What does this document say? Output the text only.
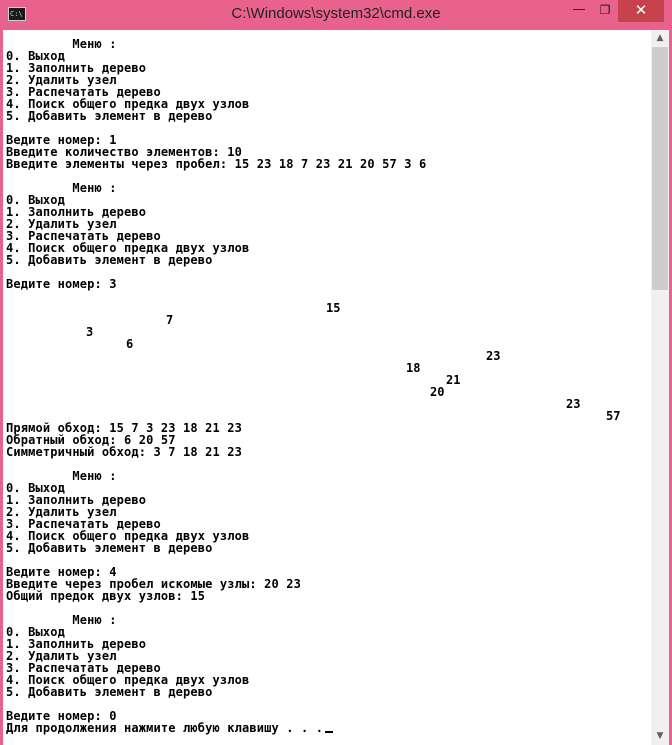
C:\	C:\Windows\system32\cmd.exe	—	❐	✕
Меню :
0. Выход
1. Заполнить дерево
2. Удалить узел
3. Распечатать дерево
4. Поиск общего предка двух узлов
5. Добавить элемент в дерево
Ведите номер: 1
Введите количество элементов: 10
Введите элементы через пробел: 15 23 18 7 23 21 20 57 3 6
Меню :
0. Выход
1. Заполнить дерево
2. Удалить узел
3. Распечатать дерево
4. Поиск общего предка двух узлов
5. Добавить элемент в дерево
Ведите номер: 3
Прямой обход: 15 7 3 23 18 21 23
Обратный обход: 6 20 57
Симметричный обход: 3 7 18 21 23
Меню :
0. Выход
1. Заполнить дерево
2. Удалить узел
3. Распечатать дерево
4. Поиск общего предка двух узлов
5. Добавить элемент в дерево
Ведите номер: 4
Введите через пробел искомые узлы: 20 23
Общий предок двух узлов: 15
Меню :
0. Выход
1. Заполнить дерево
2. Удалить узел
3. Распечатать дерево
4. Поиск общего предка двух узлов
5. Добавить элемент в дерево
Ведите номер: 0
Для продолжения нажмите любую клавишу . . .
15
7
3
6
23
18
21
20
23
57
▲
▼
